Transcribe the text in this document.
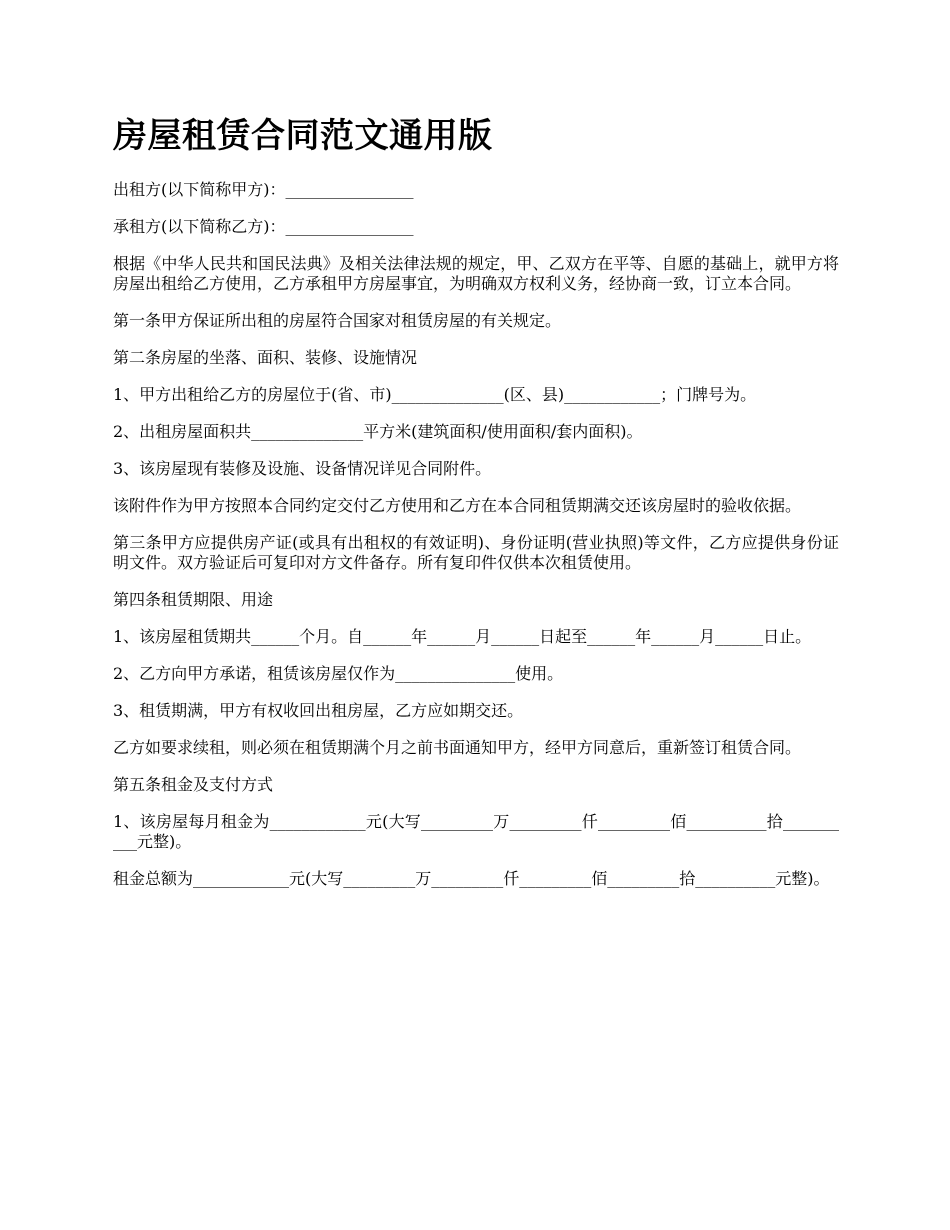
房屋租赁合同范文通用版

出租方(以下简称甲方)：________________

承租方(以下简称乙方)：________________

根据《中华人民共和国民法典》及相关法律法规的规定，甲、乙双方在平等、自愿的基础上，就甲方将房屋出租给乙方使用，乙方承租甲方房屋事宜，为明确双方权利义务，经协商一致，订立本合同。

第一条甲方保证所出租的房屋符合国家对租赁房屋的有关规定。

第二条房屋的坐落、面积、装修、设施情况

1、甲方出租给乙方的房屋位于(省、市)______________(区、县)____________；门牌号为。

2、出租房屋面积共______________平方米(建筑面积/使用面积/套内面积)。

3、该房屋现有装修及设施、设备情况详见合同附件。

该附件作为甲方按照本合同约定交付乙方使用和乙方在本合同租赁期满交还该房屋时的验收依据。

第三条甲方应提供房产证(或具有出租权的有效证明)、身份证明(营业执照)等文件，乙方应提供身份证明文件。双方验证后可复印对方文件备存。所有复印件仅供本次租赁使用。

第四条租赁期限、用途

1、该房屋租赁期共______个月。自______年______月______日起至______年______月______日止。

2、乙方向甲方承诺，租赁该房屋仅作为_______________使用。

3、租赁期满，甲方有权收回出租房屋，乙方应如期交还。

乙方如要求续租，则必须在租赁期满个月之前书面通知甲方，经甲方同意后，重新签订租赁合同。

第五条租金及支付方式

1、该房屋每月租金为____________元(大写_________万_________仟_________佰__________拾__________元整)。

租金总额为____________元(大写_________万_________仟_________佰_________拾__________元整)。
